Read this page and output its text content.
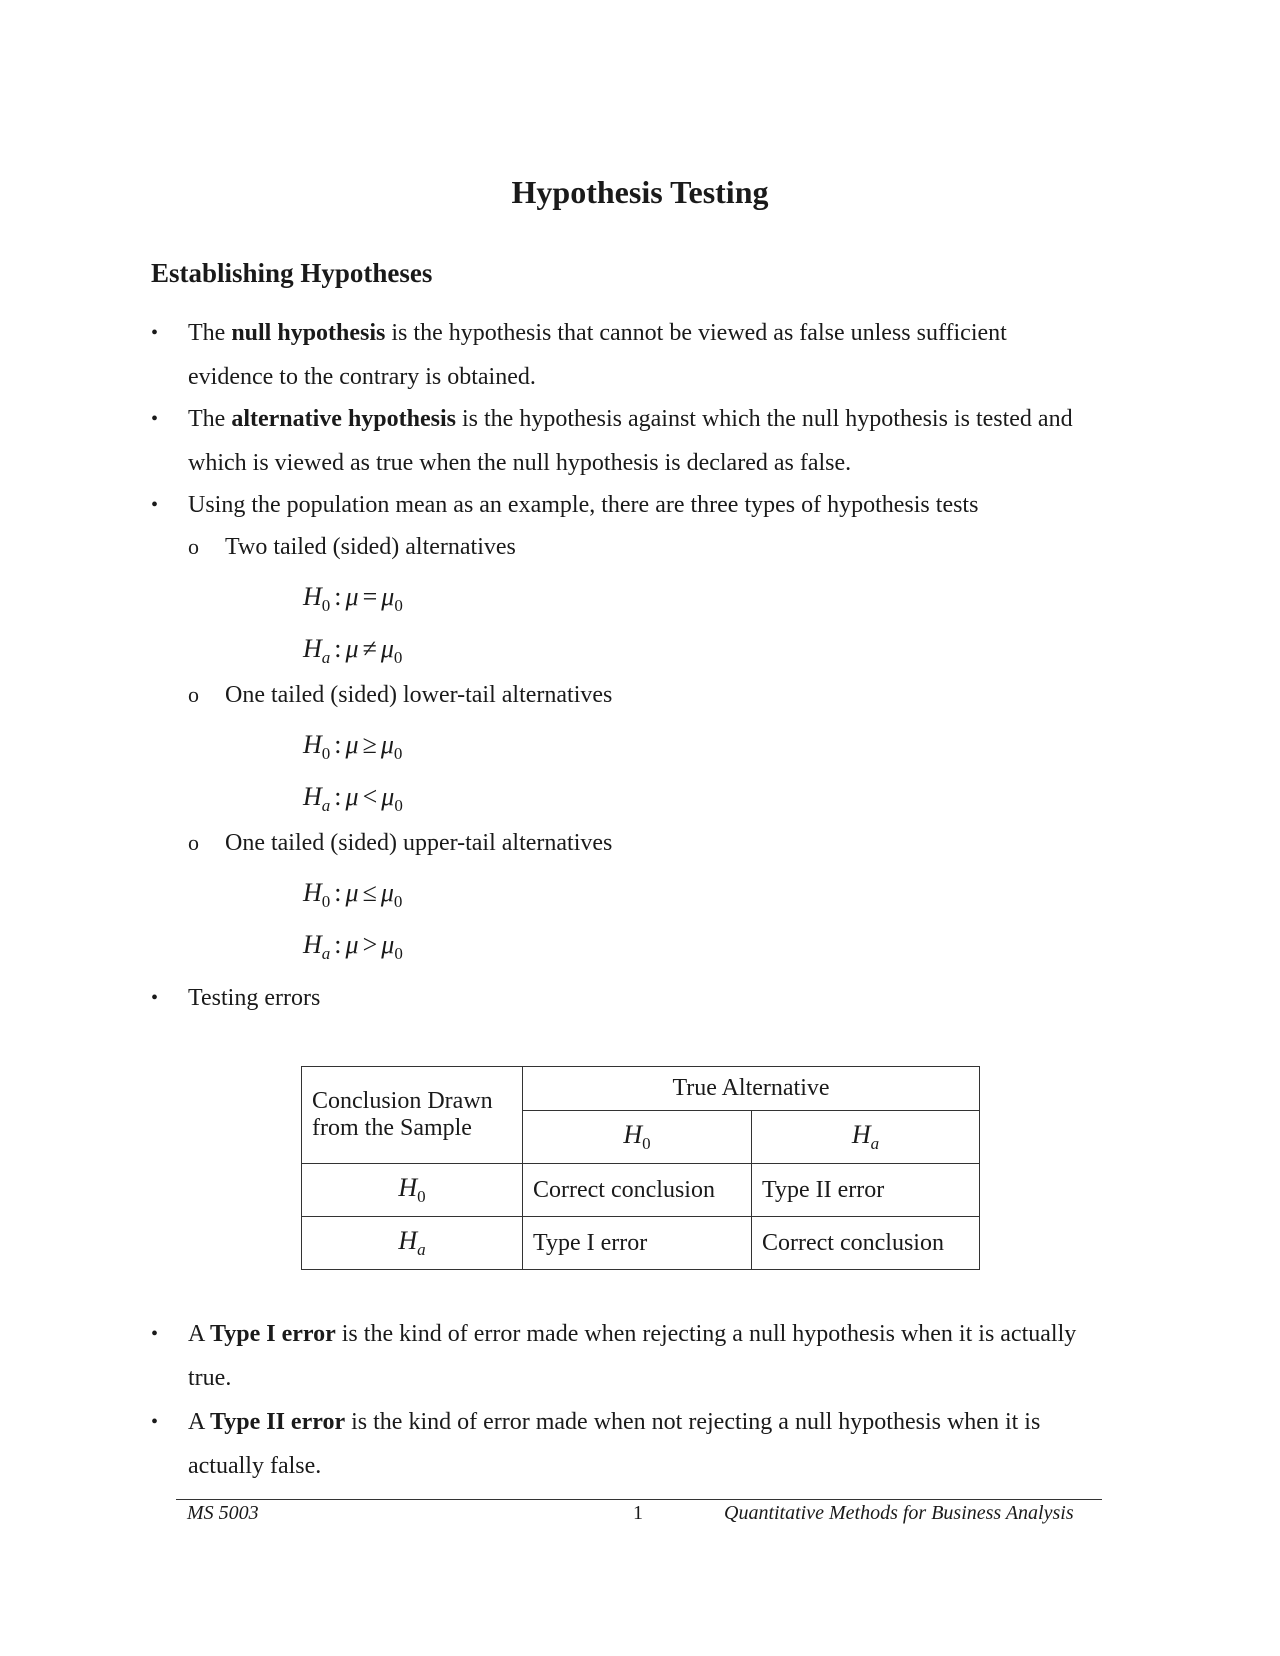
Hypothesis Testing
Establishing Hypotheses
•	The null hypothesis is the hypothesis that cannot be viewed as false unless sufficient
evidence to the contrary is obtained.
•	The alternative hypothesis is the hypothesis against which the null hypothesis is tested and
which is viewed as true when the null hypothesis is declared as false.
•	Using the population mean as an example, there are three types of hypothesis tests
o Two tailed (sided) alternatives
$H_0$ : $\mu = \mu_0$
$H_a$ : $\mu \ne \mu_0$
o One tailed (sided) lower-tail alternatives
$H_0$ : $\mu \ge \mu_0$
$H_a$ : $\mu < \mu_0$
o One tailed (sided) upper-tail alternatives
$H_0$ : $\mu \le \mu_0$
$H_a$ : $\mu > \mu_0$
•	Testing errors
Conclusion Drawn
from the Sample	True Alternative	
	$H_0$	$H_a$
$H_0$	Correct conclusion	Type II error
$H_a$	Type I error	Correct conclusion
•	A Type I error is the kind of error made when rejecting a null hypothesis when it is actually
true.
•	A Type II error is the kind of error made when not rejecting a null hypothesis when it is
actually false.
MS 5003	1	Quantitative Methods for Business Analysis
